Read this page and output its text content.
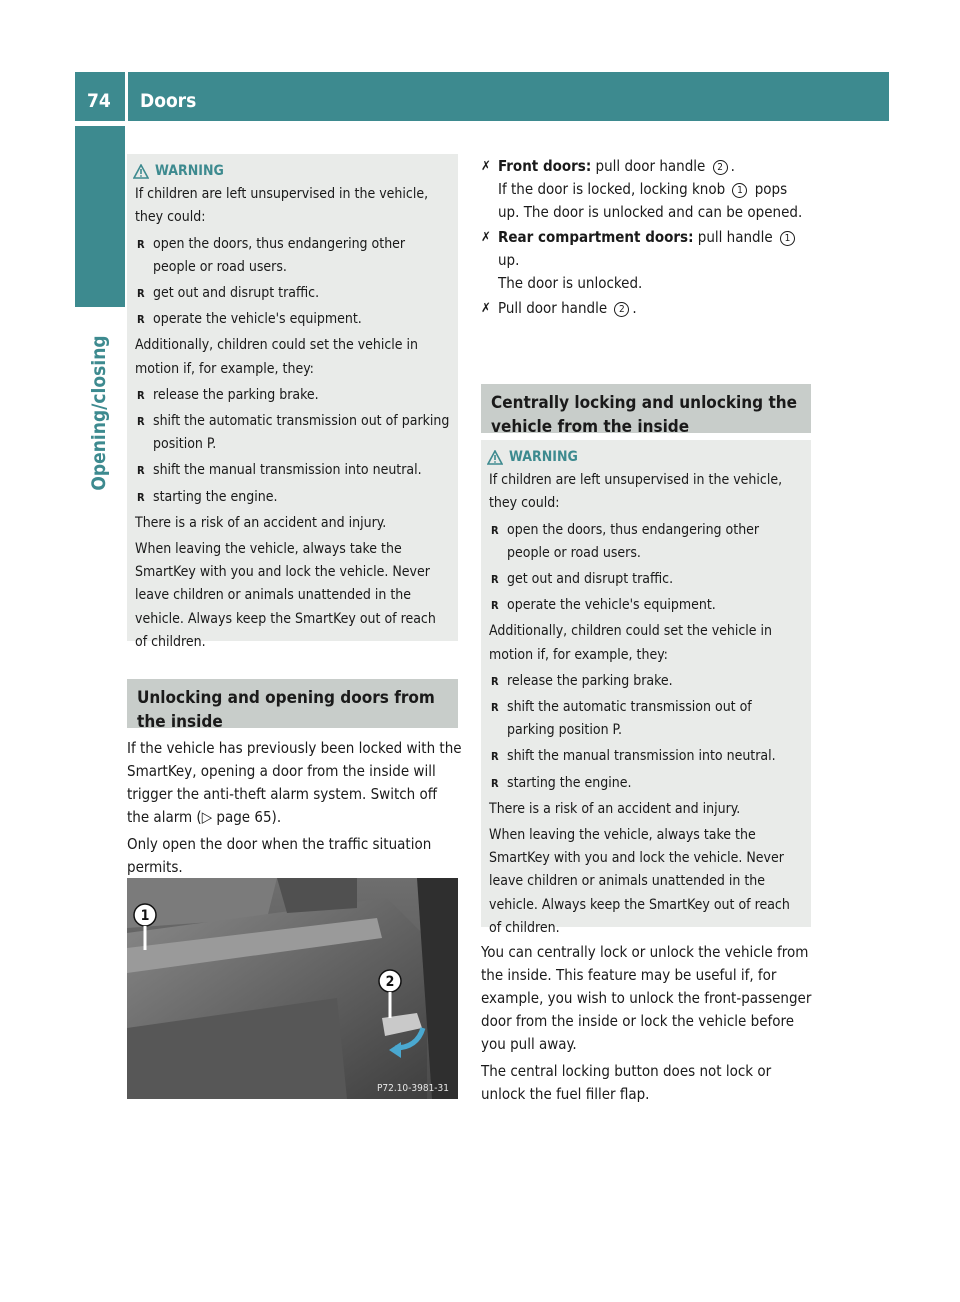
74 Doors
Opening/closing
WARNING

If children are left unsupervised in the vehicle, they could:

R open the doors, thus endangering other people or road users.

R get out and disrupt traffic.

R operate the vehicle's equipment.

Additionally, children could set the vehicle in motion if, for example, they:

R release the parking brake.

R shift the automatic transmission out of parking position P.

R shift the manual transmission into neutral.

R starting the engine.

There is a risk of an accident and injury.

When leaving the vehicle, always take the SmartKey with you and lock the vehicle. Never leave children or animals unattended in the vehicle. Always keep the SmartKey out of reach of children.

Unlocking and opening doors from the inside

If the vehicle has previously been locked with the SmartKey, opening a door from the inside will trigger the anti-theft alarm system. Switch off the alarm (▷ page 65).

Only open the door when the traffic situation permits.

1
2
P72.10-3981-31
✗ Front doors: pull door handle 2 .
If the door is locked, locking knob 1 pops up. The door is unlocked and can be opened.
✗ Rear compartment doors: pull handle 1 up.
The door is unlocked.
✗ Pull door handle 2 .
Centrally locking and unlocking the vehicle from the inside
WARNING

If children are left unsupervised in the vehicle, they could:

R open the doors, thus endangering other people or road users.

R get out and disrupt traffic.

R operate the vehicle's equipment.

Additionally, children could set the vehicle in motion if, for example, they:

R release the parking brake.

R shift the automatic transmission out of parking position P.

R shift the manual transmission into neutral.

R starting the engine.

There is a risk of an accident and injury.

When leaving the vehicle, always take the SmartKey with you and lock the vehicle. Never leave children or animals unattended in the vehicle. Always keep the SmartKey out of reach of children.

You can centrally lock or unlock the vehicle from the inside. This feature may be useful if, for example, you wish to unlock the front-passenger door from the inside or lock the vehicle before you pull away.

The central locking button does not lock or unlock the fuel filler flap.
